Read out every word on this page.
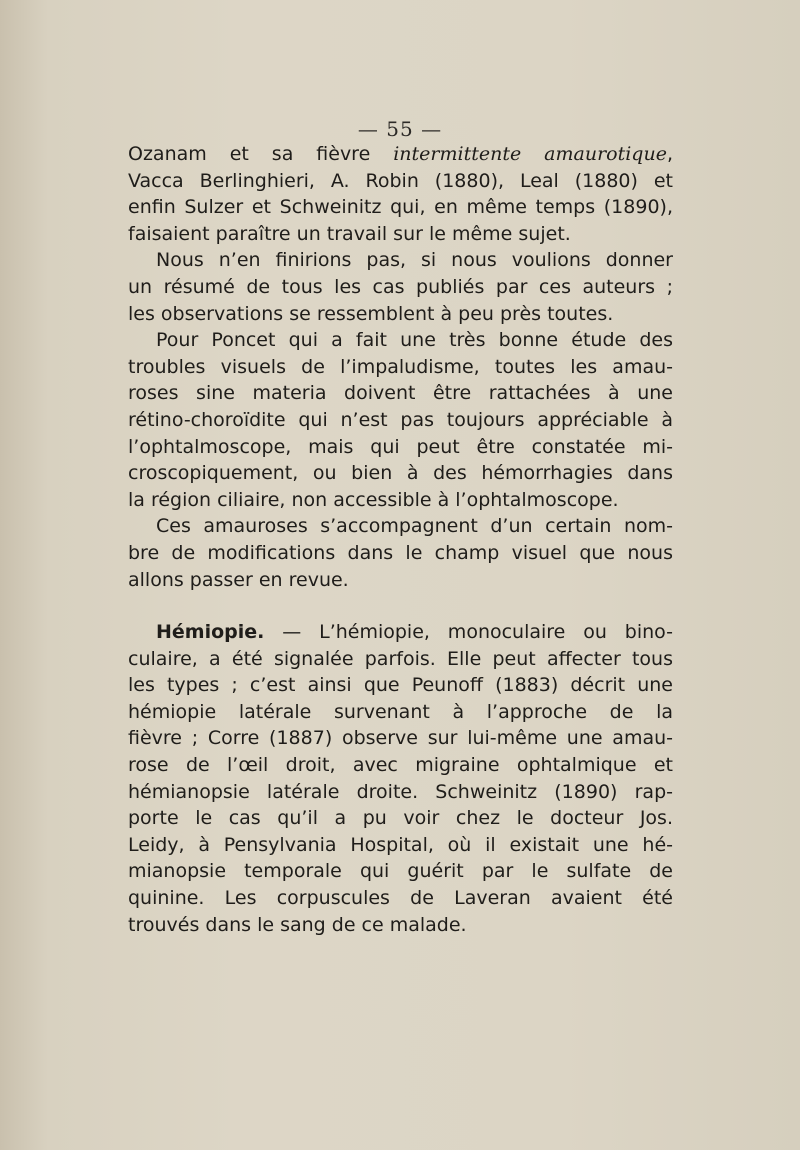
— 55 —
Ozanam et sa fièvre intermittente amaurotique,
Vacca Berlinghieri, A. Robin (1880), Leal (1880) et
enfin Sulzer et Schweinitz qui, en même temps (1890),
faisaient paraître un travail sur le même sujet.
Nous n’en finirions pas, si nous voulions donner
un résumé de tous les cas publiés par ces auteurs ;
les observations se ressemblent à peu près toutes.
Pour Poncet qui a fait une très bonne étude des
troubles visuels de l’impaludisme, toutes les amau-
roses sine materia doivent être rattachées à une
rétino-choroïdite qui n’est pas toujours appréciable à
l’ophtalmoscope, mais qui peut être constatée mi-
croscopiquement, ou bien à des hémorrhagies dans
la région ciliaire, non accessible à l’ophtalmoscope.
Ces amauroses s’accompagnent d’un certain nom-
bre de modifications dans le champ visuel que nous
allons passer en revue.
Hémiopie. — L’hémiopie, monoculaire ou bino-
culaire, a été signalée parfois. Elle peut affecter tous
les types ; c’est ainsi que Peunoff (1883) décrit une
hémiopie latérale survenant à l’approche de la
fièvre ; Corre (1887) observe sur lui-même une amau-
rose de l’œil droit, avec migraine ophtalmique et
hémianopsie latérale droite. Schweinitz (1890) rap-
porte le cas qu’il a pu voir chez le docteur Jos.
Leidy, à Pensylvania Hospital, où il existait une hé-
mianopsie temporale qui guérit par le sulfate de
quinine. Les corpuscules de Laveran avaient été
trouvés dans le sang de ce malade.
